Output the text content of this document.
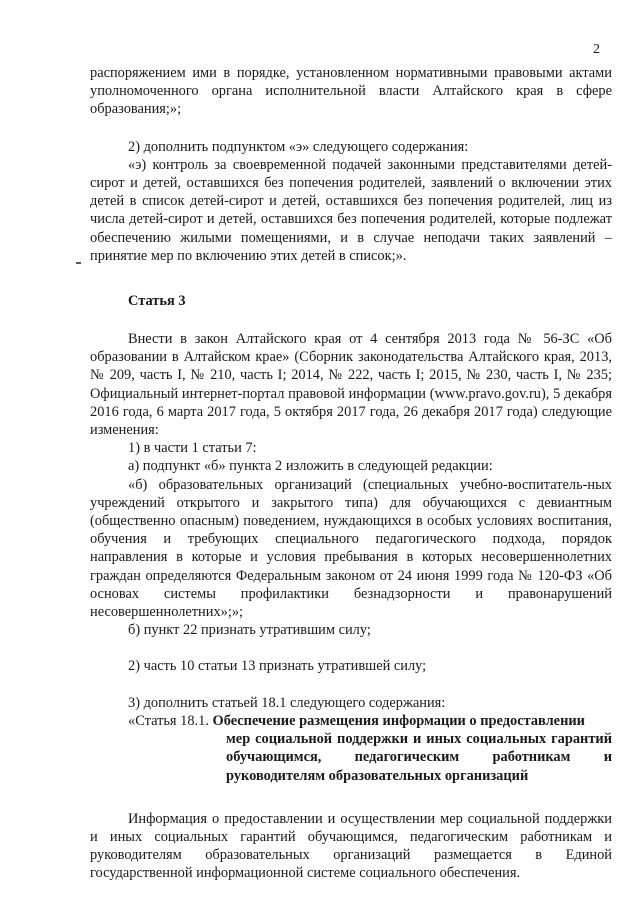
2

распоряжением ими в порядке, установленном нормативными правовыми актами уполномоченного органа исполнительной власти Алтайского края в сфере образования;»;

2) дополнить подпунктом «э» следующего содержания:

«э) контроль за своевременной подачей законными представителями детей-сирот и детей, оставшихся без попечения родителей, заявлений о включении этих детей в список детей-сирот и детей, оставшихся без попечения родителей, лиц из числа детей-сирот и детей, оставшихся без попечения родителей, которые подлежат обеспечению жилыми помещениями, и в случае неподачи таких заявлений – принятие мер по включению этих детей в список;».

Статья 3

Внести в закон Алтайского края от 4 сентября 2013 года № 56-ЗС «Об образовании в Алтайском крае» (Сборник законодательства Алтайского края, 2013, № 209, часть I, № 210, часть I; 2014, № 222, часть I; 2015, № 230, часть I, № 235; Официальный интернет-портал правовой информации (www.pravo.gov.ru), 5 декабря 2016 года, 6 марта 2017 года, 5 октября 2017 года, 26 декабря 2017 года) следующие изменения:

1) в части 1 статьи 7:

а) подпункт «б» пункта 2 изложить в следующей редакции:

«б) образовательных организаций (специальных учебно-воспитатель-ных учреждений открытого и закрытого типа) для обучающихся с девиантным (общественно опасным) поведением, нуждающихся в особых условиях воспитания, обучения и требующих специального педагогического подхода, порядок направления в которые и условия пребывания в которых несовершеннолетних граждан определяются Федеральным законом от 24 июня 1999 года № 120-ФЗ «Об основах системы профилактики безнадзорности и правонарушений несовершеннолетних»;»;

б) пункт 22 признать утратившим силу;

2) часть 10 статьи 13 признать утратившей силу;

3) дополнить статьей 18.1 следующего содержания:

«Статья 18.1. Обеспечение размещения информации о предоставлении

мер социальной поддержки и иных социальных гарантий обучающимся, педагогическим работникам и руководителям образовательных организаций

Информация о предоставлении и осуществлении мер социальной поддержки и иных социальных гарантий обучающимся, педагогическим работникам и руководителям образовательных организаций размещается в Единой государственной информационной системе социального обеспечения.
